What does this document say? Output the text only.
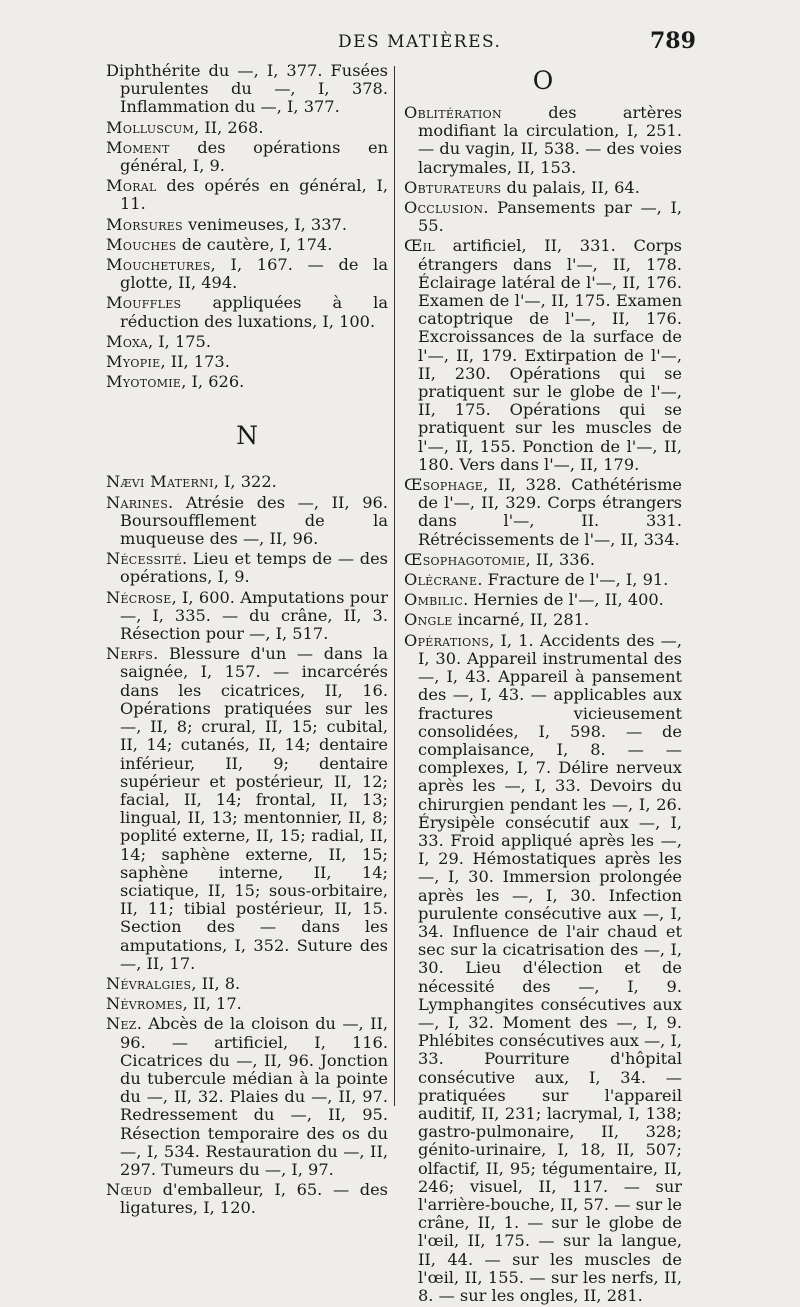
DES MATIÈRES.	789

Diphthérite du —, I, 377. Fusées purulentes du —, I, 378. Inflammation du —, I, 377.

Molluscum, II, 268.

Moment des opérations en général, I, 9.

Moral des opérés en général, I, 11.

Morsures venimeuses, I, 337.

Mouches de cautère, I, 174.

Mouchetures, I, 167. — de la glotte, II, 494.

Mouffles appliquées à la réduction des luxations, I, 100.

Moxa, I, 175.

Myopie, II, 173.

Myotomie, I, 626.

N

Nævi Materni, I, 322.

Narines. Atrésie des —, II, 96. Boursoufflement de la muqueuse des —, II, 96.

Nécessité. Lieu et temps de — des opérations, I, 9.

Nécrose, I, 600. Amputations pour —, I, 335. — du crâne, II, 3. Résection pour —, I, 517.

Nerfs. Blessure d'un — dans la saignée, I, 157. — incarcérés dans les cicatrices, II, 16. Opérations pratiquées sur les —, II, 8; crural, II, 15; cubital, II, 14; cutanés, II, 14; dentaire inférieur, II, 9; dentaire supérieur et postérieur, II, 12; facial, II, 14; frontal, II, 13; lingual, II, 13; mentonnier, II, 8; poplité externe, II, 15; radial, II, 14; saphène externe, II, 15; saphène interne, II, 14; sciatique, II, 15; sous-orbitaire, II, 11; tibial postérieur, II, 15. Section des — dans les amputations, I, 352. Suture des —, II, 17.

Névralgies, II, 8.

Névromes, II, 17.

Nez. Abcès de la cloison du —, II, 96. — artificiel, I, 116. Cicatrices du —, II, 96. Jonction du tubercule médian à la pointe du —, II, 32. Plaies du —, II, 97. Redressement du —, II, 95. Résection temporaire des os du —, I, 534. Restauration du —, II, 297. Tumeurs du —, I, 97.

Nœud d'emballeur, I, 65. — des ligatures, I, 120.

O

Oblitération des artères modifiant la circulation, I, 251. — du vagin, II, 538. — des voies lacrymales, II, 153.

Obturateurs du palais, II, 64.

Occlusion. Pansements par —, I, 55.

Œil artificiel, II, 331. Corps étrangers dans l'—, II, 178. Éclairage latéral de l'—, II, 176. Examen de l'—, II, 175. Examen catoptrique de l'—, II, 176. Excroissances de la surface de l'—, II, 179. Extirpation de l'—, II, 230. Opérations qui se pratiquent sur le globe de l'—, II, 175. Opérations qui se pratiquent sur les muscles de l'—, II, 155. Ponction de l'—, II, 180. Vers dans l'—, II, 179.

Œsophage, II, 328. Cathétérisme de l'—, II, 329. Corps étrangers dans l'—, II. 331. Rétrécissements de l'—, II, 334.

Œsophagotomie, II, 336.

Olécrane. Fracture de l'—, I, 91.

Ombilic. Hernies de l'—, II, 400.

Ongle incarné, II, 281.

Opérations, I, 1. Accidents des —, I, 30. Appareil instrumental des —, I, 43. Appareil à pansement des —, I, 43. — applicables aux fractures vicieusement consolidées, I, 598. — de complaisance, I, 8. — — complexes, I, 7. Délire nerveux après les —, I, 33. Devoirs du chirurgien pendant les —, I, 26. Érysipèle consécutif aux —, I, 33. Froid appliqué après les —, I, 29. Hémostatiques après les —, I, 30. Immersion prolongée après les —, I, 30. Infection purulente consécutive aux —, I, 34. Influence de l'air chaud et sec sur la cicatrisation des —, I, 30. Lieu d'élection et de nécessité des —, I, 9. Lymphangites consécutives aux —, I, 32. Moment des —, I, 9. Phlébites consécutives aux —, I, 33. Pourriture d'hôpital consécutive aux, I, 34. — pratiquées sur l'appareil auditif, II, 231; lacrymal, I, 138; gastro-pulmonaire, II, 328; génito-urinaire, I, 18, II, 507; olfactif, II, 95; tégumentaire, II, 246; visuel, II, 117. — sur l'arrière-bouche, II, 57. — sur le crâne, II, 1. — sur le globe de l'œil, II, 175. — sur la langue, II, 44. — sur les muscles de l'œil, II, 155. — sur les nerfs, II, 8. — sur les ongles, II, 281.
